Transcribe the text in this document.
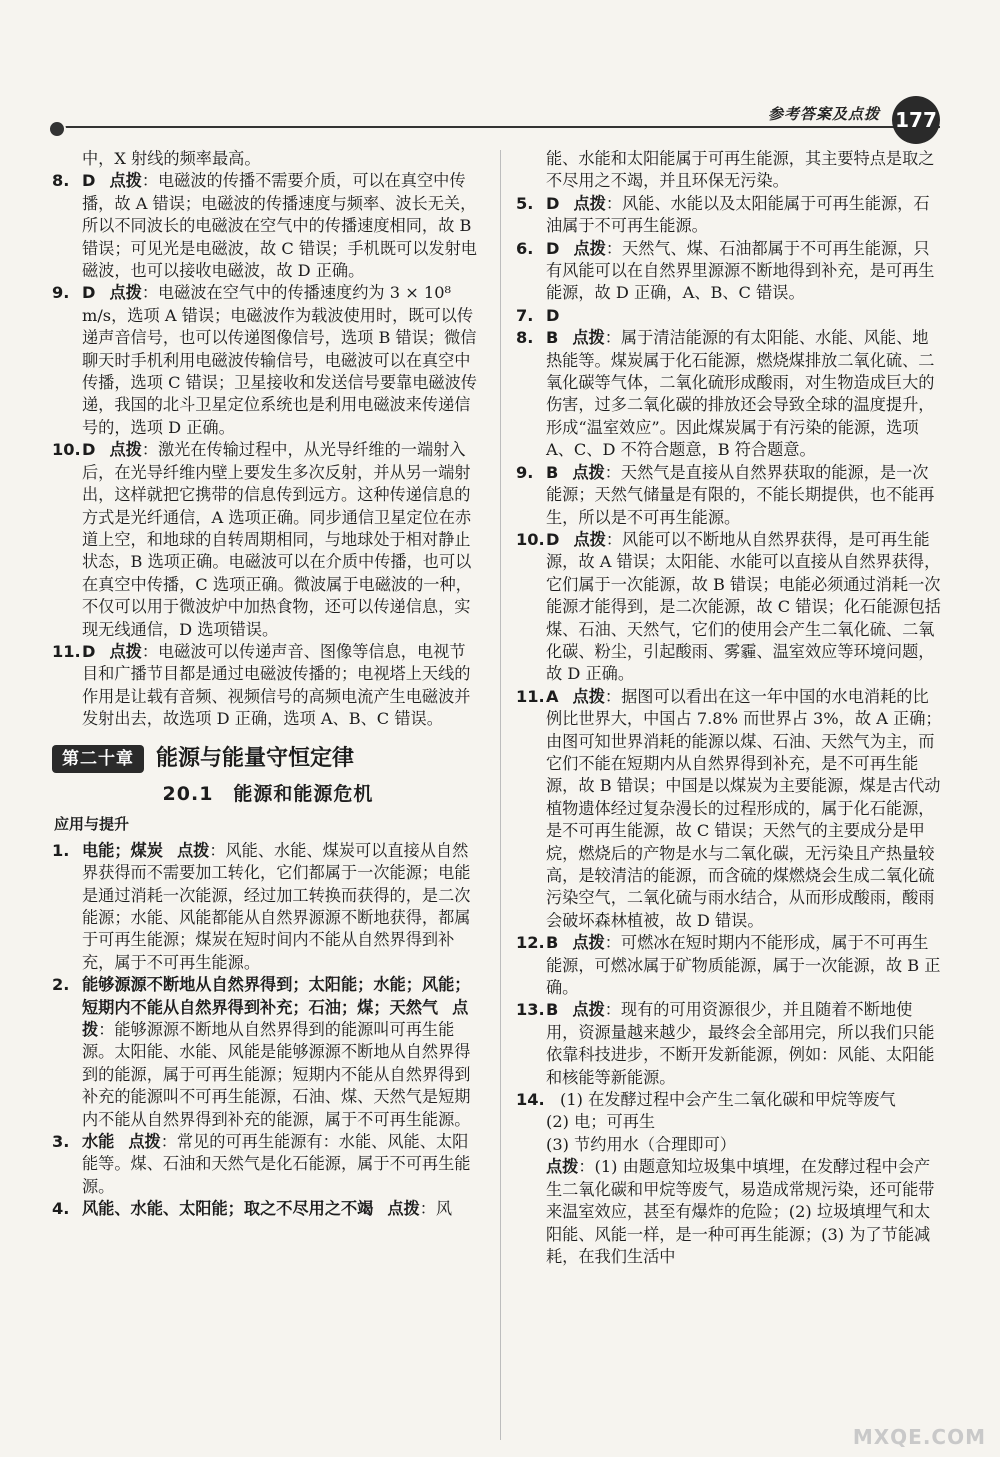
参考答案及点拨 177

中，X 射线的频率最高。

8. D 点拨：电磁波的传播不需要介质，可以在真空中传播，故 A 错误；电磁波的传播速度与频率、波长无关，所以不同波长的电磁波在空气中的传播速度相同，故 B 错误；可见光是电磁波，故 C 错误；手机既可以发射电磁波，也可以接收电磁波，故 D 正确。

9. D 点拨：电磁波在空气中的传播速度约为 3 × 10⁸ m/s，选项 A 错误；电磁波作为载波使用时，既可以传递声音信号，也可以传递图像信号，选项 B 错误；微信聊天时手机利用电磁波传输信号，电磁波可以在真空中传播，选项 C 错误；卫星接收和发送信号要靠电磁波传递，我国的北斗卫星定位系统也是利用电磁波来传递信号的，选项 D 正确。

10. D 点拨：激光在传输过程中，从光导纤维的一端射入后，在光导纤维内壁上要发生多次反射，并从另一端射出，这样就把它携带的信息传到远方。这种传递信息的方式是光纤通信，A 选项正确。同步通信卫星定位在赤道上空，和地球的自转周期相同，与地球处于相对静止状态，B 选项正确。电磁波可以在介质中传播，也可以在真空中传播，C 选项正确。微波属于电磁波的一种，不仅可以用于微波炉中加热食物，还可以传递信息，实现无线通信，D 选项错误。

11. D 点拨：电磁波可以传递声音、图像等信息，电视节目和广播节目都是通过电磁波传播的；电视塔上天线的作用是让载有音频、视频信号的高频电流产生电磁波并发射出去，故选项 D 正确，选项 A、B、C 错误。

第二十章	能源与能量守恒定律
20.1　能源和能源危机
应用与提升

1. 电能；煤炭 点拨：风能、水能、煤炭可以直接从自然界获得而不需要加工转化，它们都属于一次能源；电能是通过消耗一次能源，经过加工转换而获得的，是二次能源；水能、风能都能从自然界源源不断地获得，都属于可再生能源；煤炭在短时间内不能从自然界得到补充，属于不可再生能源。

2. 能够源源不断地从自然界得到；太阳能；水能；风能；短期内不能从自然界得到补充；石油；煤；天然气 点拨：能够源源不断地从自然界得到的能源叫可再生能源。太阳能、水能、风能是能够源源不断地从自然界得到的能源，属于可再生能源；短期内不能从自然界得到补充的能源叫不可再生能源，石油、煤、天然气是短期内不能从自然界得到补充的能源，属于不可再生能源。

3. 水能 点拨：常见的可再生能源有：水能、风能、太阳能等。煤、石油和天然气是化石能源，属于不可再生能源。

4. 风能、水能、太阳能；取之不尽用之不竭 点拨：风

能、水能和太阳能属于可再生能源，其主要特点是取之不尽用之不竭，并且环保无污染。

5. D 点拨：风能、水能以及太阳能属于可再生能源，石油属于不可再生能源。

6. D 点拨：天然气、煤、石油都属于不可再生能源，只有风能可以在自然界里源源不断地得到补充，是可再生能源，故 D 正确，A、B、C 错误。

7. D

8. B 点拨：属于清洁能源的有太阳能、水能、风能、地热能等。煤炭属于化石能源，燃烧煤排放二氧化硫、二氧化碳等气体，二氧化硫形成酸雨，对生物造成巨大的伤害，过多二氧化碳的排放还会导致全球的温度提升，形成“温室效应”。因此煤炭属于有污染的能源，选项 A、C、D 不符合题意，B 符合题意。

9. B 点拨：天然气是直接从自然界获取的能源，是一次能源；天然气储量是有限的，不能长期提供，也不能再生，所以是不可再生能源。

10. D 点拨：风能可以不断地从自然界获得，是可再生能源，故 A 错误；太阳能、水能可以直接从自然界获得，它们属于一次能源，故 B 错误；电能必须通过消耗一次能源才能得到，是二次能源，故 C 错误；化石能源包括煤、石油、天然气，它们的使用会产生二氧化硫、二氧化碳、粉尘，引起酸雨、雾霾、温室效应等环境问题，故 D 正确。

11. A 点拨：据图可以看出在这一年中国的水电消耗的比例比世界大，中国占 7.8% 而世界占 3%，故 A 正确；由图可知世界消耗的能源以煤、石油、天然气为主，而它们不能在短期内从自然界得到补充，是不可再生能源，故 B 错误；中国是以煤炭为主要能源，煤是古代动植物遗体经过复杂漫长的过程形成的，属于化石能源，是不可再生能源，故 C 错误；天然气的主要成分是甲烷，燃烧后的产物是水与二氧化碳，无污染且产热量较高，是较清洁的能源，而含硫的煤燃烧会生成二氧化硫污染空气，二氧化硫与雨水结合，从而形成酸雨，酸雨会破坏森林植被，故 D 错误。

12. B 点拨：可燃冰在短时期内不能形成，属于不可再生能源，可燃冰属于矿物质能源，属于一次能源，故 B 正确。

13. B 点拨：现有的可用资源很少，并且随着不断地使用，资源量越来越少，最终会全部用完，所以我们只能依靠科技进步，不断开发新能源，例如：风能、太阳能和核能等新能源。

14. (1) 在发酵过程中会产生二氧化碳和甲烷等废气

(2) 电；可再生

(3) 节约用水（合理即可）

点拨：(1) 由题意知垃圾集中填埋，在发酵过程中会产生二氧化碳和甲烷等废气，易造成常规污染，还可能带来温室效应，甚至有爆炸的危险；(2) 垃圾填埋气和太阳能、风能一样，是一种可再生能源；(3) 为了节能减耗，在我们生活中

MXQE.COM
